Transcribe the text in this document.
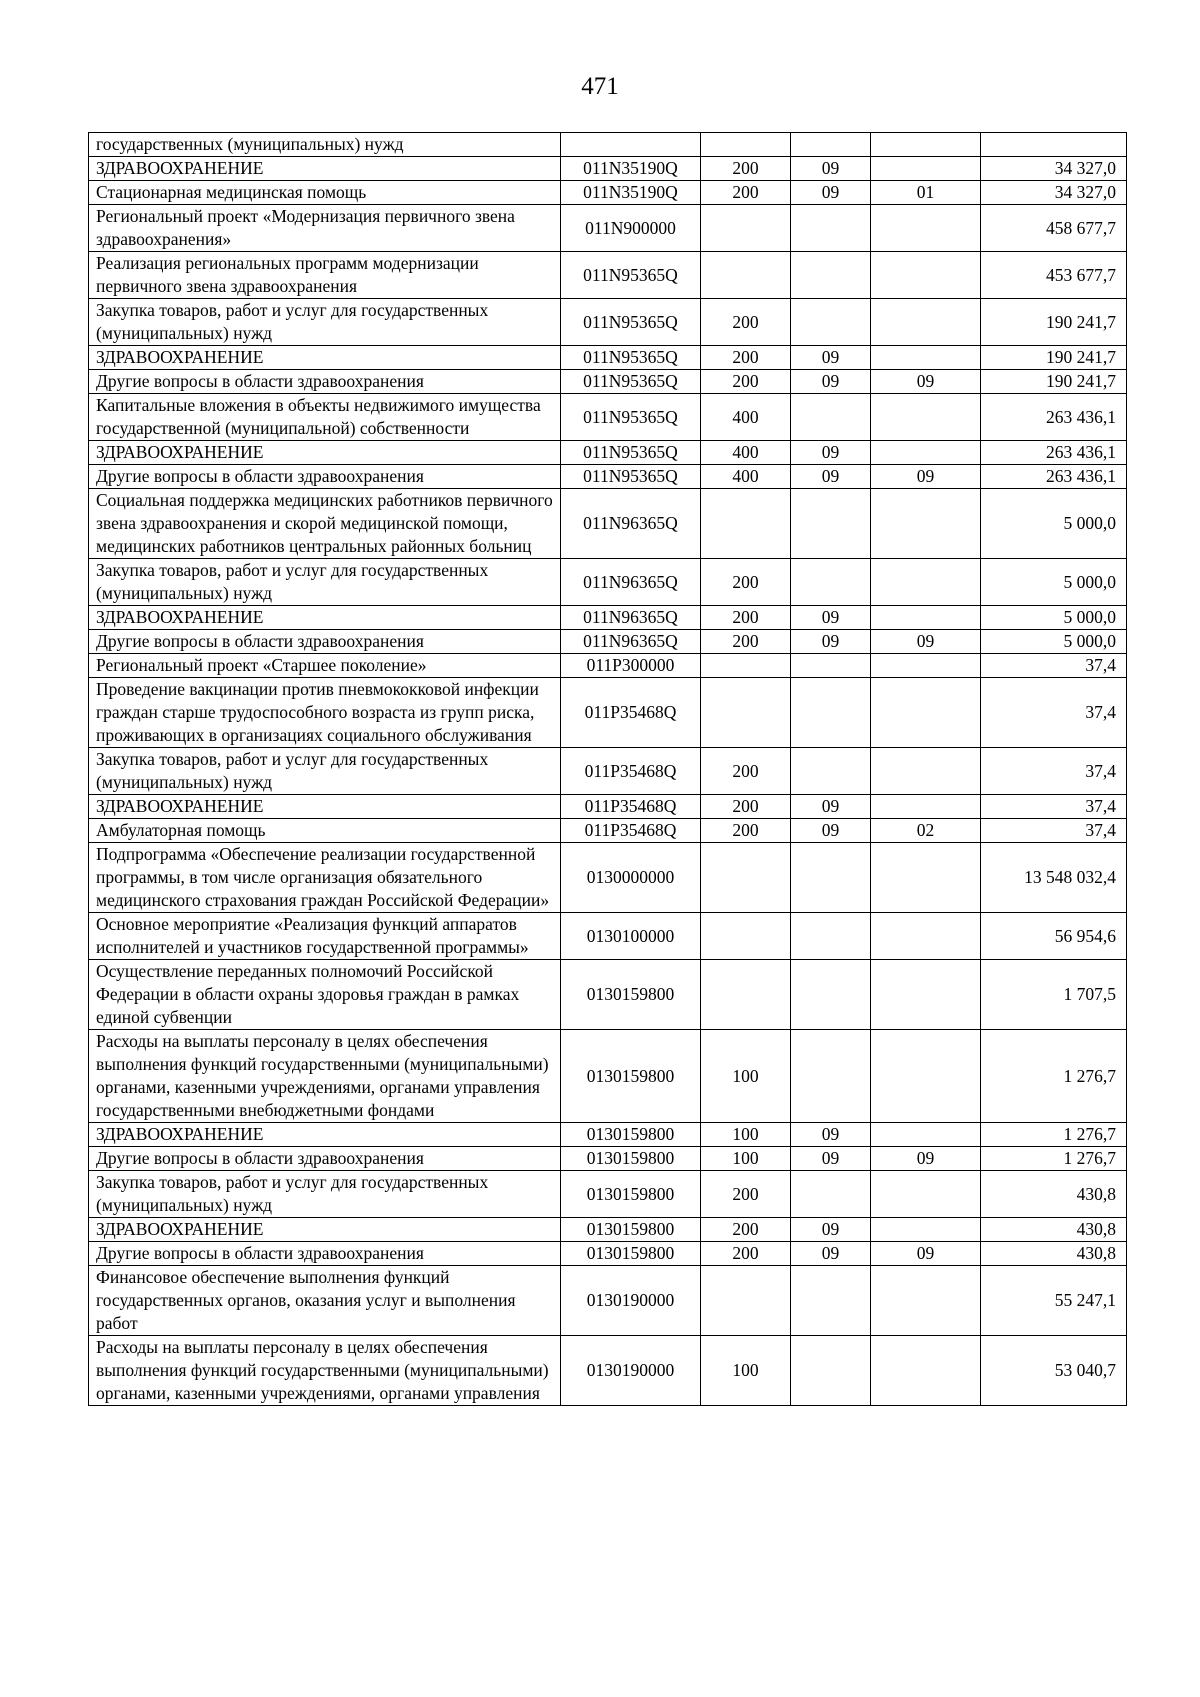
471
государственных (муниципальных) нужд					
ЗДРАВООХРАНЕНИЕ	011N35190Q	200	09		34 327,0
Стационарная медицинская помощь	011N35190Q	200	09	01	34 327,0
Региональный проект «Модернизация первичного звена здравоохранения»	011N900000				458 677,7
Реализация региональных программ модернизации первичного звена здравоохранения	011N95365Q				453 677,7
Закупка товаров, работ и услуг для государственных (муниципальных) нужд	011N95365Q	200			190 241,7
ЗДРАВООХРАНЕНИЕ	011N95365Q	200	09		190 241,7
Другие вопросы в области здравоохранения	011N95365Q	200	09	09	190 241,7
Капитальные вложения в объекты недвижимого имущества государственной (муниципальной) собственности	011N95365Q	400			263 436,1
ЗДРАВООХРАНЕНИЕ	011N95365Q	400	09		263 436,1
Другие вопросы в области здравоохранения	011N95365Q	400	09	09	263 436,1
Социальная поддержка медицинских работников первичного звена здравоохранения и скорой медицинской помощи, медицинских работников центральных районных больниц	011N96365Q				5 000,0
Закупка товаров, работ и услуг для государственных (муниципальных) нужд	011N96365Q	200			5 000,0
ЗДРАВООХРАНЕНИЕ	011N96365Q	200	09		5 000,0
Другие вопросы в области здравоохранения	011N96365Q	200	09	09	5 000,0
Региональный проект «Старшее поколение»	011P300000				37,4
Проведение вакцинации против пневмококковой инфекции граждан старше трудоспособного возраста из групп риска, проживающих в организациях социального обслуживания	011P35468Q				37,4
Закупка товаров, работ и услуг для государственных (муниципальных) нужд	011P35468Q	200			37,4
ЗДРАВООХРАНЕНИЕ	011P35468Q	200	09		37,4
Амбулаторная помощь	011P35468Q	200	09	02	37,4
Подпрограмма «Обеспечение реализации государственной программы, в том числе организация обязательного медицинского страхования граждан Российской Федерации»	0130000000				13 548 032,4
Основное мероприятие «Реализация функций аппаратов исполнителей и участников государственной программы»	0130100000				56 954,6
Осуществление переданных полномочий Российской Федерации в области охраны здоровья граждан в рамках единой субвенции	0130159800				1 707,5
Расходы на выплаты персоналу в целях обеспечения выполнения функций государственными (муниципальными) органами, казенными учреждениями, органами управления государственными внебюджетными фондами	0130159800	100			1 276,7
ЗДРАВООХРАНЕНИЕ	0130159800	100	09		1 276,7
Другие вопросы в области здравоохранения	0130159800	100	09	09	1 276,7
Закупка товаров, работ и услуг для государственных (муниципальных) нужд	0130159800	200			430,8
ЗДРАВООХРАНЕНИЕ	0130159800	200	09		430,8
Другие вопросы в области здравоохранения	0130159800	200	09	09	430,8
Финансовое обеспечение выполнения функций государственных органов, оказания услуг и выполнения работ	0130190000				55 247,1
Расходы на выплаты персоналу в целях обеспечения выполнения функций государственными (муниципальными) органами, казенными учреждениями, органами управления	0130190000	100			53 040,7
